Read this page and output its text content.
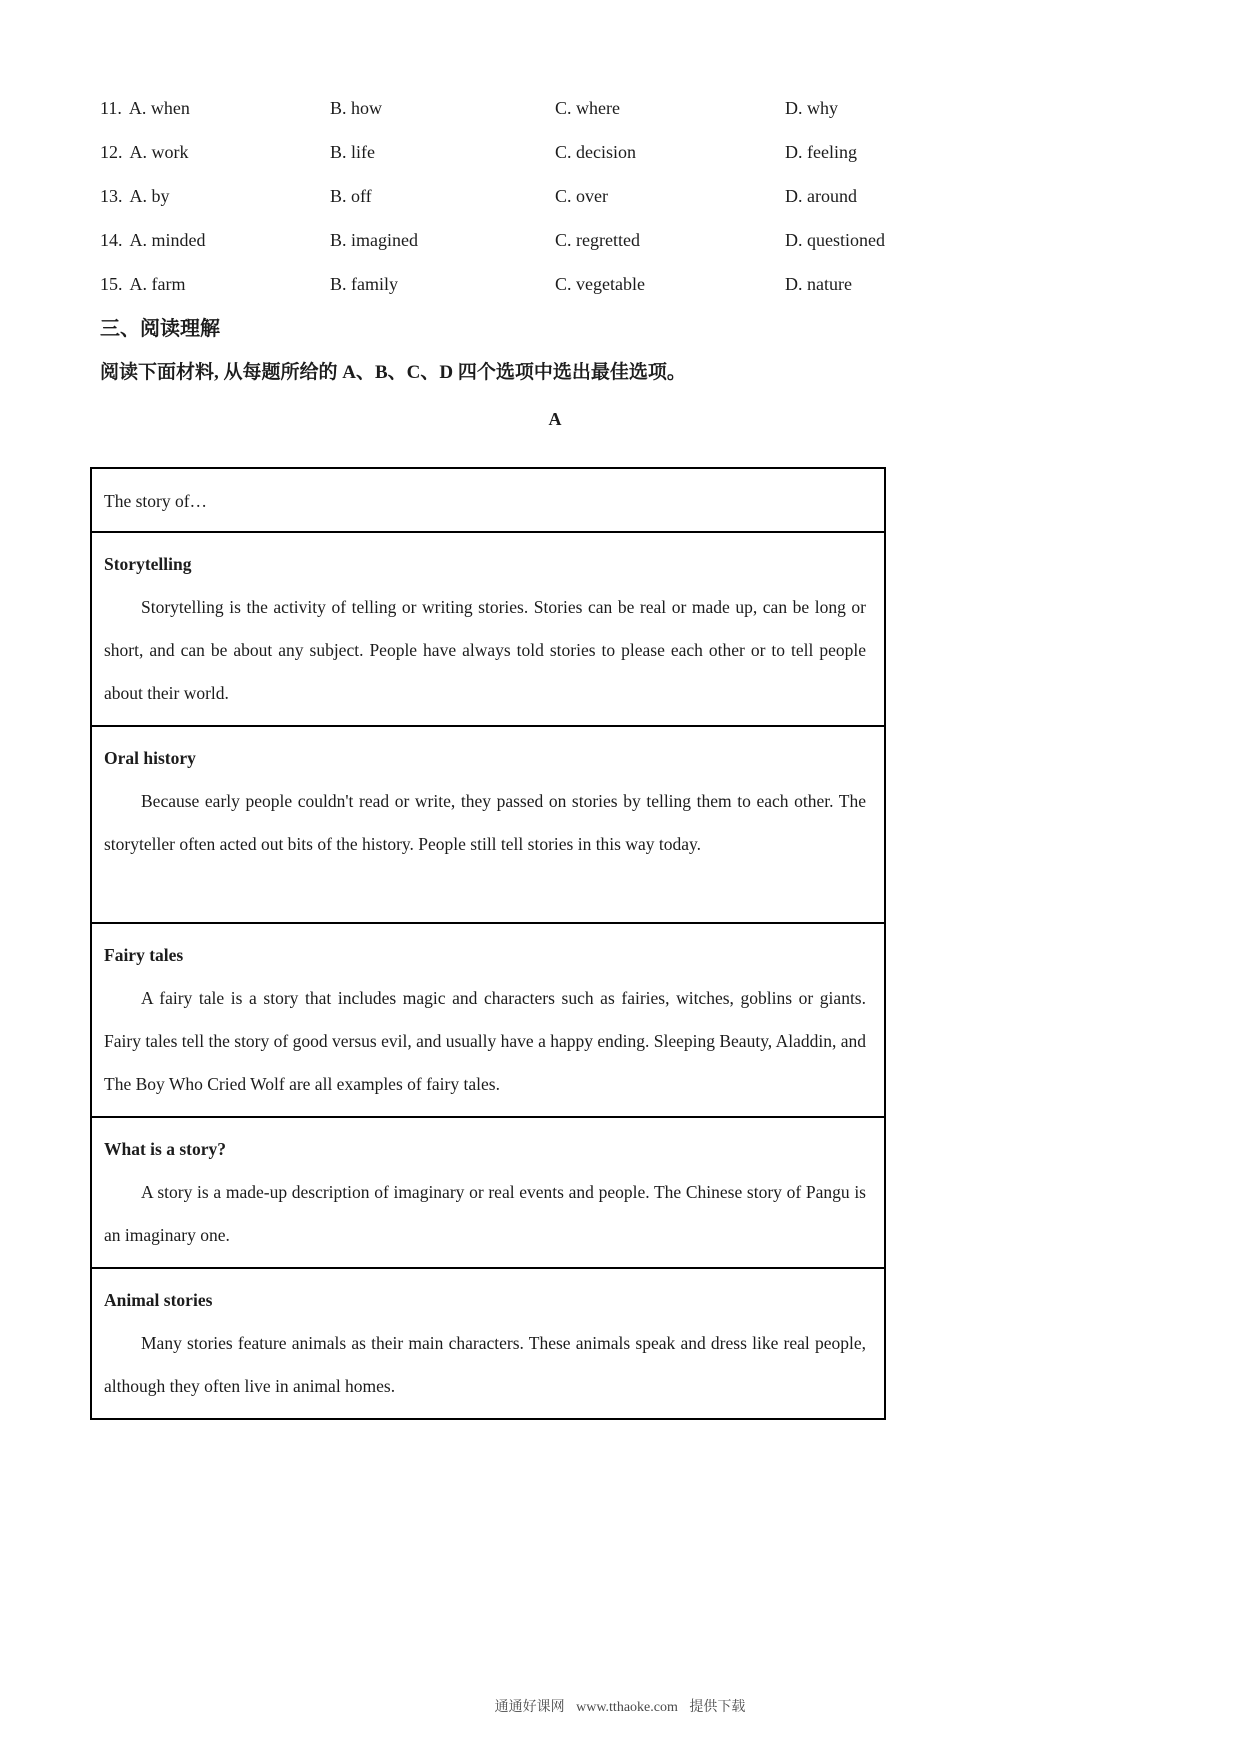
11. A. when	B. how	C. where	D. why
12. A. work	B. life	C. decision	D. feeling
13. A. by	B. off	C. over	D. around
14. A. minded	B. imagined	C. regretted	D. questioned
15. A. farm	B. family	C. vegetable	D. nature
三、阅读理解
阅读下面材料, 从每题所给的 A、B、C、D 四个选项中选出最佳选项。
A
The story of…
Storytelling

Storytelling is the activity of telling or writing stories. Stories can be real or made up, can be long or short, and can be about any subject. People have always told stories to please each other or to tell people about their world.

Oral history

Because early people couldn't read or write, they passed on stories by telling them to each other. The storyteller often acted out bits of the history. People still tell stories in this way today.

Fairy tales

A fairy tale is a story that includes magic and characters such as fairies, witches, goblins or giants. Fairy tales tell the story of good versus evil, and usually have a happy ending. Sleeping Beauty, Aladdin, and The Boy Who Cried Wolf are all examples of fairy tales.

What is a story?

A story is a made-up description of imaginary or real events and people. The Chinese story of Pangu is an imaginary one.

Animal stories

Many stories feature animals as their main characters. These animals speak and dress like real people, although they often live in animal homes.

通通好课网 www.tthaoke.com 提供下载
